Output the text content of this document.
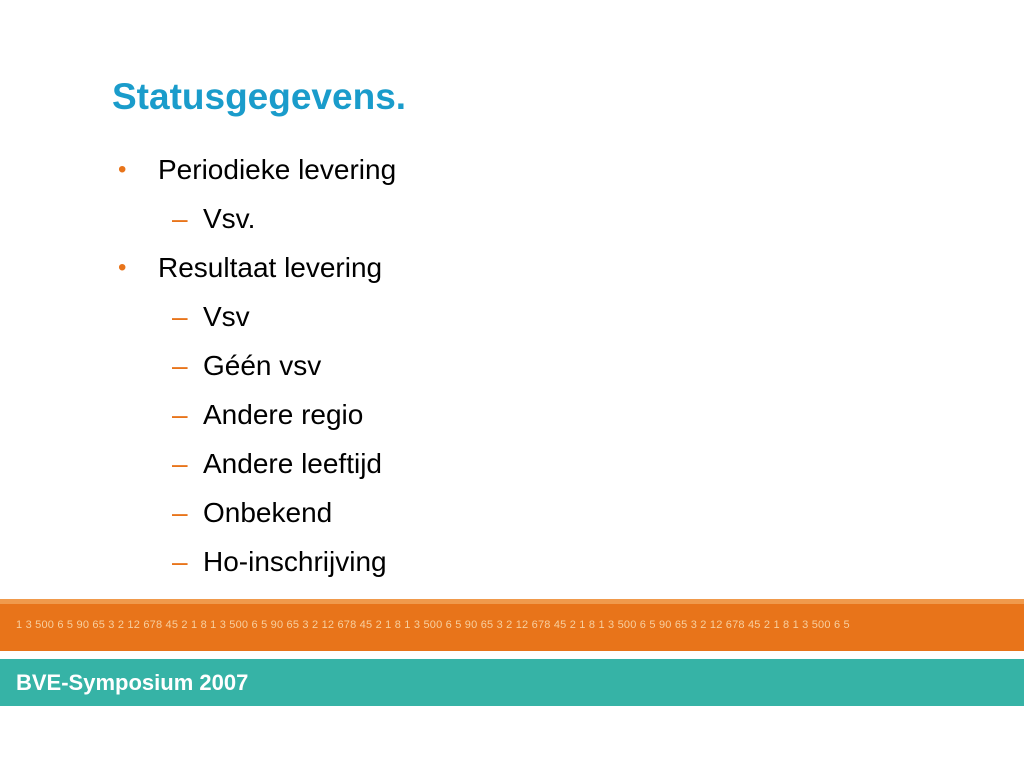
Statusgegevens.
• Periodieke levering
– Vsv.
• Resultaat levering
– Vsv
– Géén vsv
– Andere regio
– Andere leeftijd
– Onbekend
– Ho-inschrijving
1 3 500 6 5 90 65 3 2 12 678 45 2 1 8 1 3 500 6 5 90 65 3 2 12 678 45 2 1 8 1 3 500 6 5 90 65 3 2 12 678 45 2 1 8 1 3 500 6 5 90 65 3 2 12 678 45 2 1 8 1 3 500 6 5
BVE-Symposium 2007
